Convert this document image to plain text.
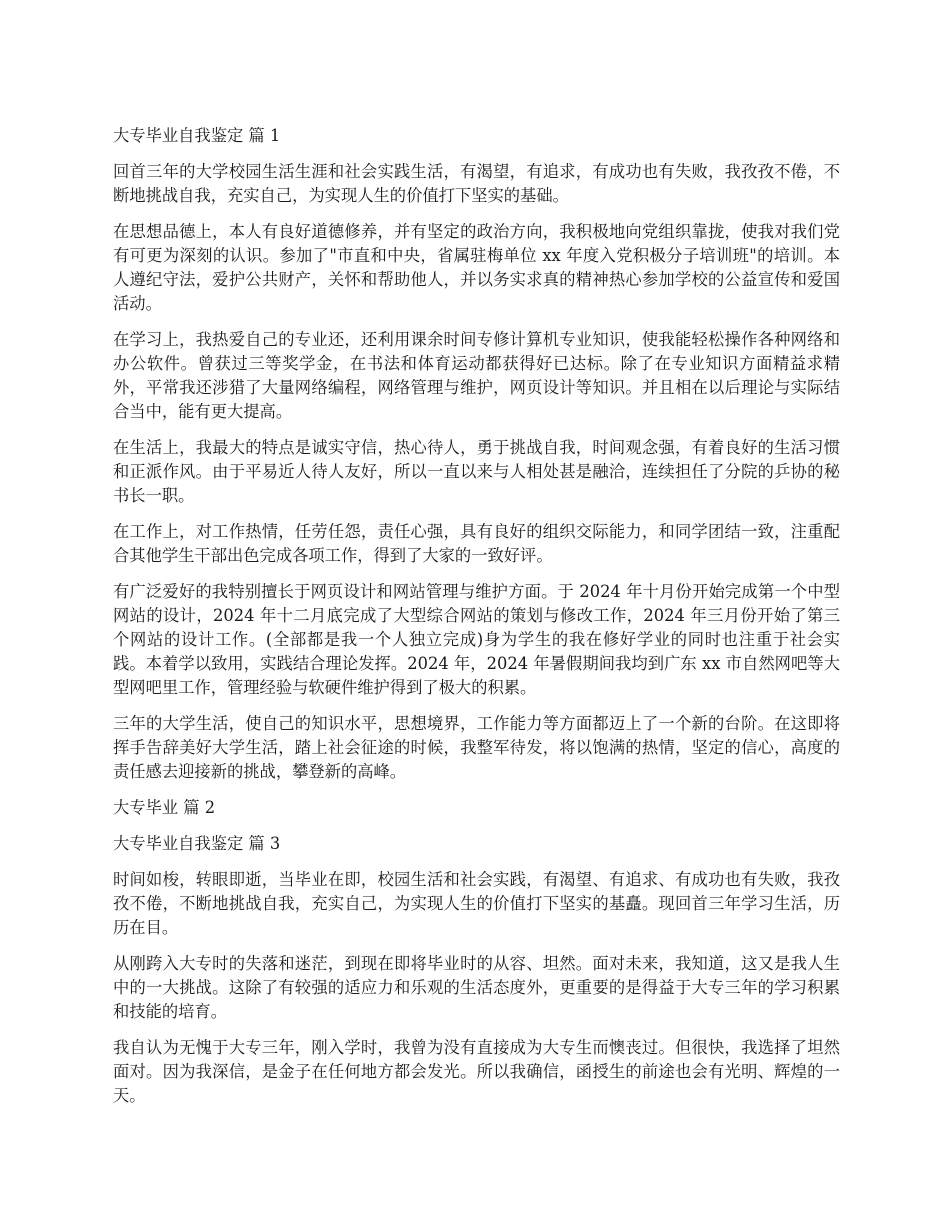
大专毕业自我鉴定 篇 1

回首三年的大学校园生活生涯和社会实践生活，有渴望，有追求，有成功也有失败，我孜孜不倦，不断地挑战自我，充实自己，为实现人生的价值打下坚实的基础。

在思想品德上，本人有良好道德修养，并有坚定的政治方向，我积极地向党组织靠拢，使我对我们党有可更为深刻的认识。参加了"市直和中央，省属驻梅单位 xx 年度入党积极分子培训班"的培训。本人遵纪守法，爱护公共财产，关怀和帮助他人，并以务实求真的精神热心参加学校的公益宣传和爱国活动。

在学习上，我热爱自己的专业还，还利用课余时间专修计算机专业知识，使我能轻松操作各种网络和办公软件。曾获过三等奖学金，在书法和体育运动都获得好已达标。除了在专业知识方面精益求精外，平常我还涉猎了大量网络编程，网络管理与维护，网页设计等知识。并且相在以后理论与实际结合当中，能有更大提高。

在生活上，我最大的特点是诚实守信，热心待人，勇于挑战自我，时间观念强，有着良好的生活习惯和正派作风。由于平易近人待人友好，所以一直以来与人相处甚是融洽，连续担任了分院的乒协的秘书长一职。

在工作上，对工作热情，任劳任怨，责任心强，具有良好的组织交际能力，和同学团结一致，注重配合其他学生干部出色完成各项工作，得到了大家的一致好评。

有广泛爱好的我特别擅长于网页设计和网站管理与维护方面。于 2024 年十月份开始完成第一个中型网站的设计，2024 年十二月底完成了大型综合网站的策划与修改工作，2024 年三月份开始了第三个网站的设计工作。(全部都是我一个人独立完成)身为学生的我在修好学业的同时也注重于社会实践。本着学以致用，实践结合理论发挥。2024 年，2024 年暑假期间我均到广东 xx 市自然网吧等大型网吧里工作，管理经验与软硬件维护得到了极大的积累。

三年的大学生活，使自己的知识水平，思想境界，工作能力等方面都迈上了一个新的台阶。在这即将挥手告辞美好大学生活，踏上社会征途的时候，我整军待发，将以饱满的热情，坚定的信心，高度的责任感去迎接新的挑战，攀登新的高峰。

大专毕业 篇 2

大专毕业自我鉴定 篇 3

时间如梭，转眼即逝，当毕业在即，校园生活和社会实践，有渴望、有追求、有成功也有失败，我孜孜不倦，不断地挑战自我，充实自己，为实现人生的价值打下坚实的基矗。现回首三年学习生活，历历在目。

从刚跨入大专时的失落和迷茫，到现在即将毕业时的从容、坦然。面对未来，我知道，这又是我人生中的一大挑战。这除了有较强的适应力和乐观的生活态度外，更重要的是得益于大专三年的学习积累和技能的培育。

我自认为无愧于大专三年，刚入学时，我曾为没有直接成为大专生而懊丧过。但很快，我选择了坦然面对。因为我深信，是金子在任何地方都会发光。所以我确信，函授生的前途也会有光明、辉煌的一天。
